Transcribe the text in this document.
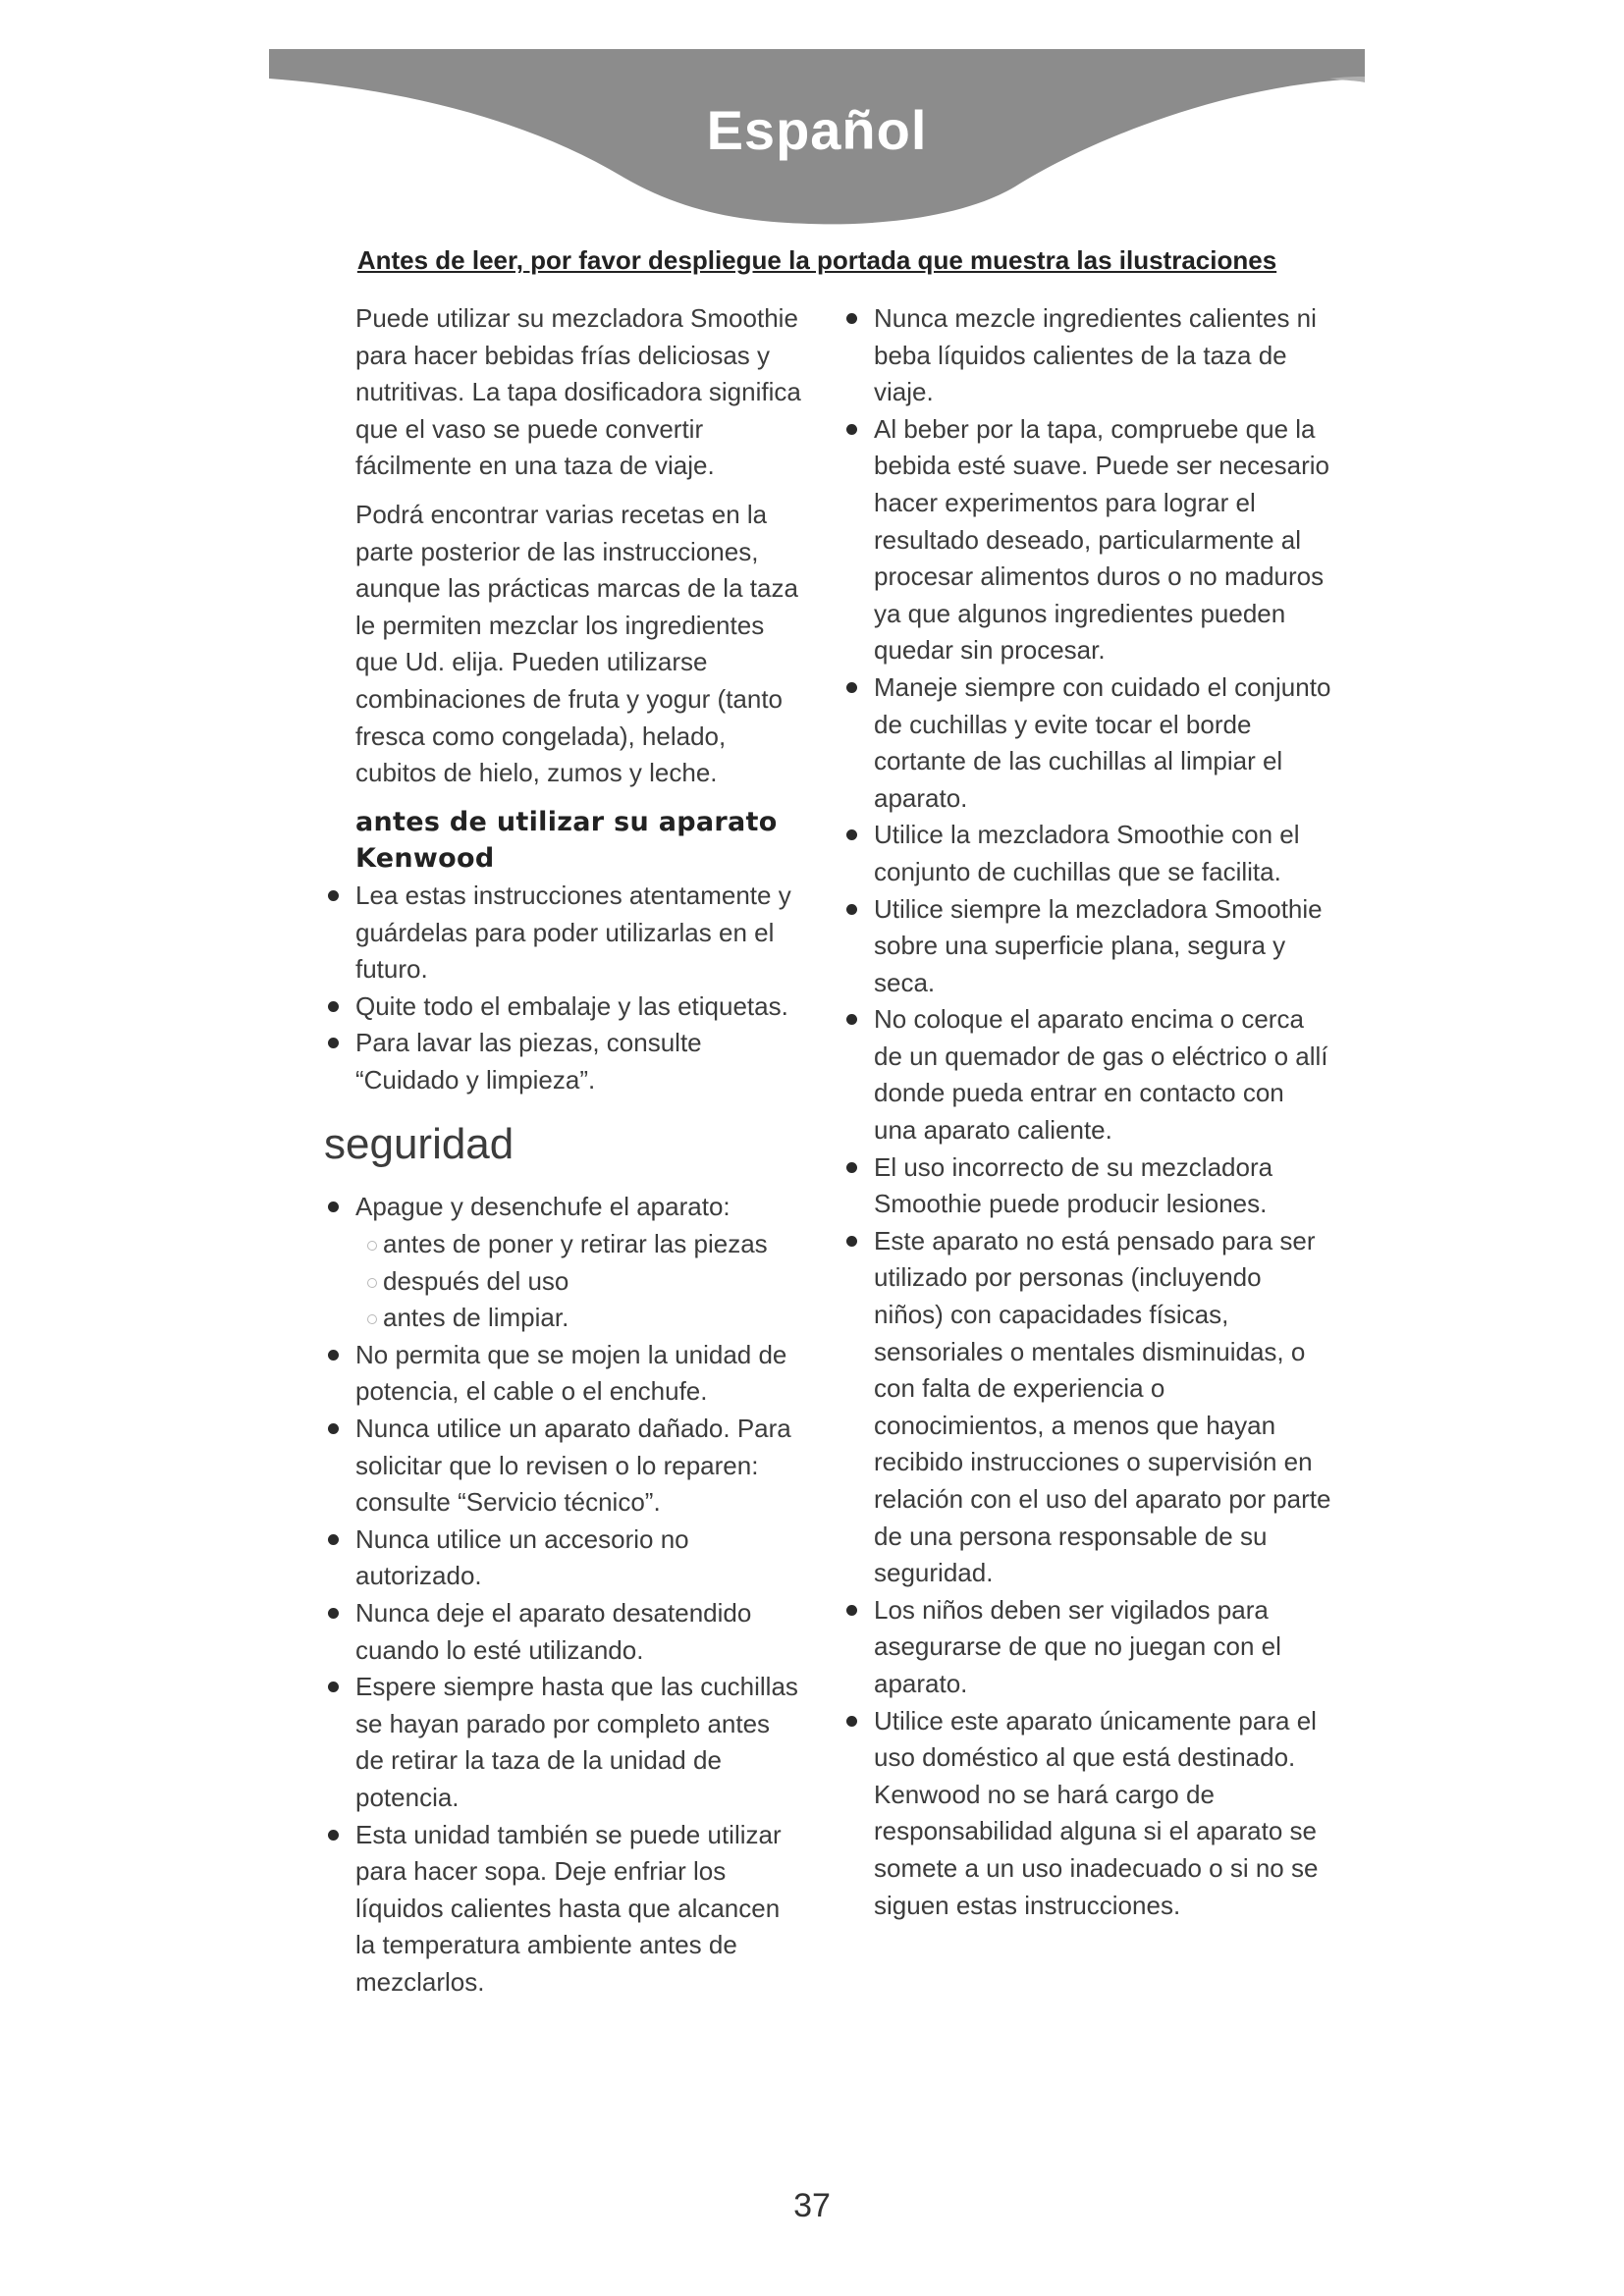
Español
Antes de leer, por favor despliegue la portada que muestra las ilustraciones

Puede utilizar su mezcladora Smoothie para hacer bebidas frías deliciosas y nutritivas. La tapa dosificadora significa que el vaso se puede convertir fácilmente en una taza de viaje.

Podrá encontrar varias recetas en la parte posterior de las instrucciones, aunque las prácticas marcas de la taza le permiten mezclar los ingredientes que Ud. elija. Pueden utilizarse combinaciones de fruta y yogur (tanto fresca como congelada), helado, cubitos de hielo, zumos y leche.

antes de utilizar su aparato Kenwood
Lea estas instrucciones atentamente y guárdelas para poder utilizarlas en el futuro.
Quite todo el embalaje y las etiquetas.
Para lavar las piezas, consulte “Cuidado y limpieza”.
seguridad
Apague y desenchufe el aparato:
antes de poner y retirar las piezas
después del uso
antes de limpiar.
No permita que se mojen la unidad de potencia, el cable o el enchufe.
Nunca utilice un aparato dañado. Para solicitar que lo revisen o lo reparen: consulte “Servicio técnico”.
Nunca utilice un accesorio no autorizado.
Nunca deje el aparato desatendido cuando lo esté utilizando.
Espere siempre hasta que las cuchillas se hayan parado por completo antes de retirar la taza de la unidad de potencia.
Esta unidad también se puede utilizar para hacer sopa. Deje enfriar los líquidos calientes hasta que alcancen la temperatura ambiente antes de mezclarlos.
Nunca mezcle ingredientes calientes ni beba líquidos calientes de la taza de viaje.
Al beber por la tapa, compruebe que la bebida esté suave. Puede ser necesario hacer experimentos para lograr el resultado deseado, particularmente al procesar alimentos duros o no maduros ya que algunos ingredientes pueden quedar sin procesar.
Maneje siempre con cuidado el conjunto de cuchillas y evite tocar el borde cortante de las cuchillas al limpiar el aparato.
Utilice la mezcladora Smoothie con el conjunto de cuchillas que se facilita.
Utilice siempre la mezcladora Smoothie sobre una superficie plana, segura y seca.
No coloque el aparato encima o cerca de un quemador de gas o eléctrico o allí donde pueda entrar en contacto con una aparato caliente.
El uso incorrecto de su mezcladora Smoothie puede producir lesiones.
Este aparato no está pensado para ser utilizado por personas (incluyendo niños) con capacidades físicas, sensoriales o mentales disminuidas, o con falta de experiencia o conocimientos, a menos que hayan recibido instrucciones o supervisión en relación con el uso del aparato por parte de una persona responsable de su seguridad.
Los niños deben ser vigilados para asegurarse de que no juegan con el aparato.
Utilice este aparato únicamente para el uso doméstico al que está destinado. Kenwood no se hará cargo de responsabilidad alguna si el aparato se somete a un uso inadecuado o si no se siguen estas instrucciones.
37
